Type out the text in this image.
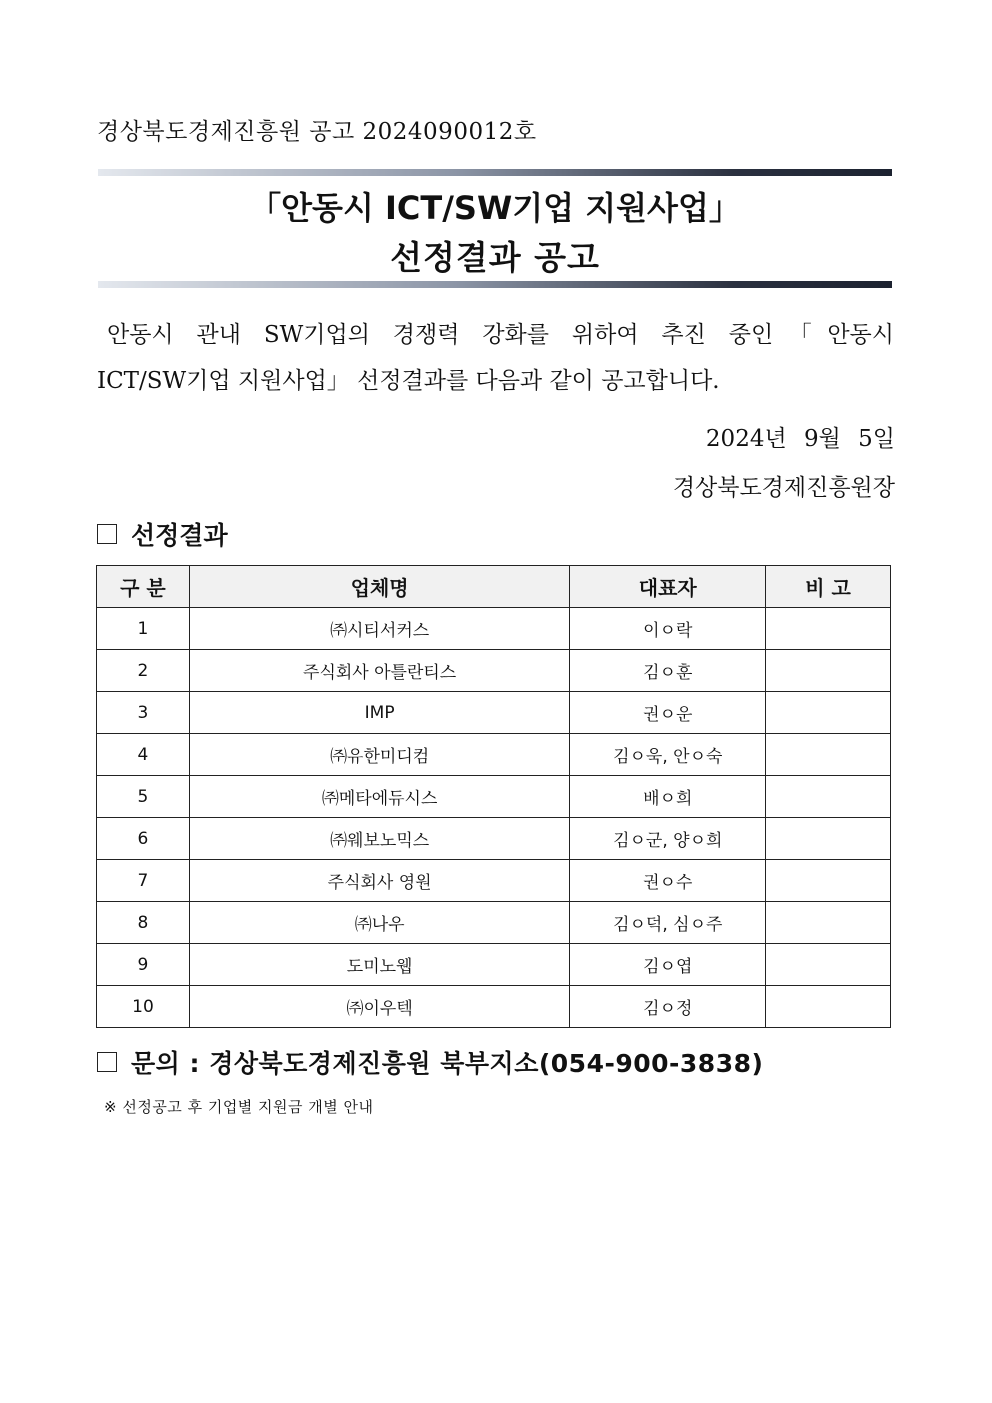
경상북도경제진흥원 공고 2024090012호
「안동시 ICT/SW기업 지원사업」
선정결과 공고
안동시 관내 SW기업의 경쟁력 강화를 위하여 추진 중인「안동시
ICT/SW기업 지원사업」 선정결과를 다음과 같이 공고합니다.
2024년 9월 5일
경상북도경제진흥원장
선정결과
구 분	업체명	대표자	비 고
1	㈜시티서커스	이ㅇ락	
2	주식회사 아틀란티스	김ㅇ훈	
3	IMP	권ㅇ운	
4	㈜유한미디컴	김ㅇ욱, 안ㅇ숙	
5	㈜메타에듀시스	배ㅇ희	
6	㈜웨보노믹스	김ㅇ군, 양ㅇ희	
7	주식회사 영원	권ㅇ수	
8	㈜나우	김ㅇ덕, 심ㅇ주	
9	도미노웹	김ㅇ엽	
10	㈜이우텍	김ㅇ정	
문의 : 경상북도경제진흥원 북부지소(054-900-3838)
※ 선정공고 후 기업별 지원금 개별 안내
